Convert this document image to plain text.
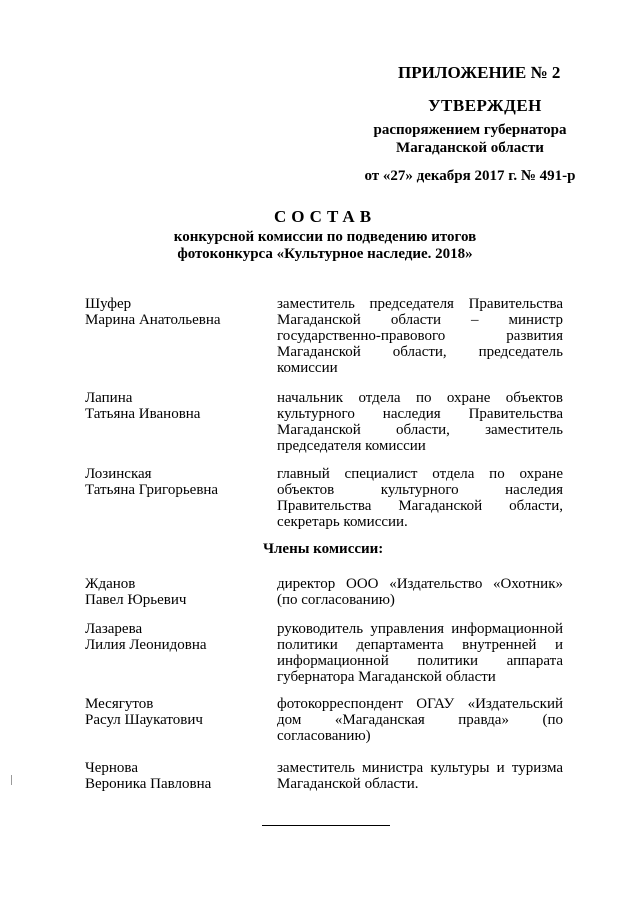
ПРИЛОЖЕНИЕ № 2
УТВЕРЖДЕН
распоряжением губернатора
Магаданской области
от «27» декабря 2017 г. № 491-р
СОСТАВ
конкурсной комиссии по подведению итогов
фотоконкурса «Культурное наследие. 2018»
Шуфер
Марина Анатольевна
заместитель председателя Правительства Магаданской области – министр государственно-правового развития Магаданской области, председатель комиссии
Лапина
Татьяна Ивановна
начальник отдела по охране объектов культурного наследия Правительства Магаданской области, заместитель председателя комиссии
Лозинская
Татьяна Григорьевна
главный специалист отдела по охране объектов культурного наследия Правительства Магаданской области, секретарь комиссии.
Члены комиссии:
Жданов
Павел Юрьевич
директор ООО «Издательство «Охотник» (по согласованию)
Лазарева
Лилия Леонидовна
руководитель управления информационной политики департамента внутренней и информационной политики аппарата губернатора Магаданской области
Месягутов
Расул Шаукатович
фотокорреспондент ОГАУ «Издательский дом «Магаданская правда» (по согласованию)
Чернова
Вероника Павловна
заместитель министра культуры и туризма Магаданской области.
